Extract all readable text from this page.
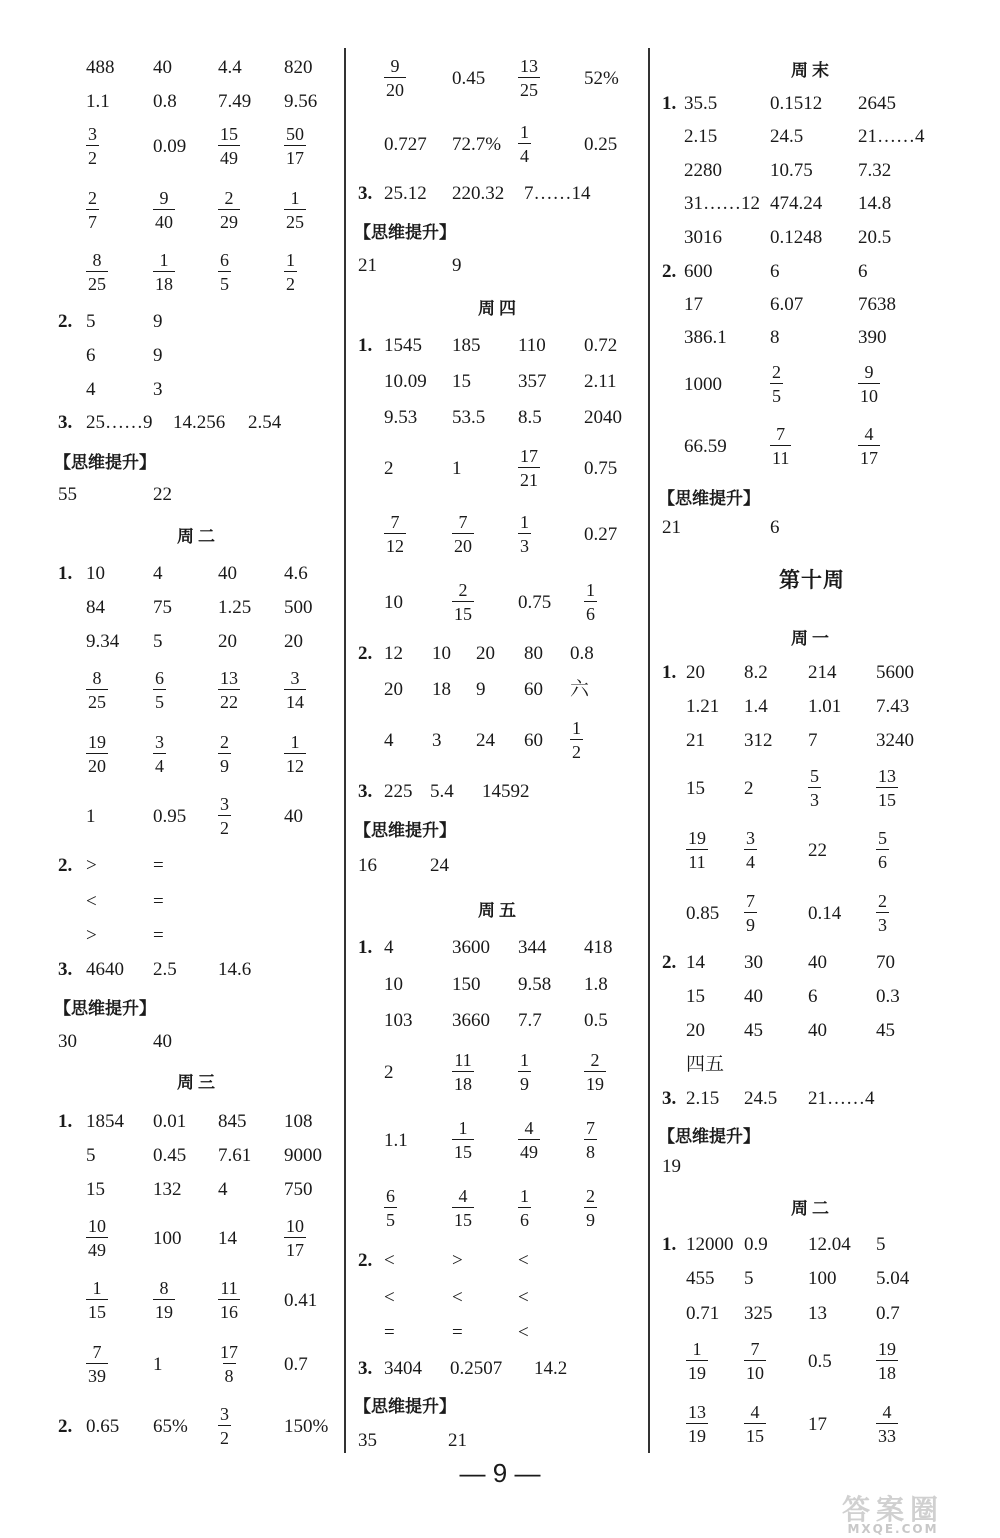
488 40 4.4 820
1.1 0.8 7.49 9.56
$\frac{3}{2}$	$0.09 \frac{15}{49} \frac{50}{17}$
$\frac{2}{7}$	$\frac{9}{40} \frac{2}{29} \frac{1}{25}$
$\frac{8}{25}$	$\frac{1}{18} \frac{6}{5}$	$\frac{1}{2}$
2. 5	9
6	9
4	3
3. 25……9 14.256 2.54
【思维提升】
55	22
周二
1. 10	4	40 4.6
84	75 1.25 500
9.34 5	20 20
$\frac{8}{25}$	$\frac{6}{5}$	$\frac{13}{22} \frac{3}{14}$
$\frac{19}{20}$	$\frac{3}{4}$	$\frac{2}{9}$	$\frac{1}{12}$
1	$0.95 \frac{3}{2}$	40
2. >	=
<	=
>	=
3. 4640 2.5 14.6
【思维提升】
30	40
周三
1. 1854 0.01 845 108
5	0.45 7.61 9000
15	132 4	750
$\frac{10}{49} 100$ 14	$\frac{10}{17}$
$\frac{1}{15}$	$\frac{8}{19} \frac{11}{16} 0.41$
$\frac{7}{39} 1$	$\frac{17}{8} 0.7$
2. 0.65 $65\% \frac{3}{2}$	150%
$\frac{9}{20} 0.45 \frac{13}{25} 52\%$
0.727 $72.7\% \frac{1}{4}$	0.25
3. 25.12 220.32 7……14
【思维提升】
21	9
周四
1. 1545 185 110 0.72
10.09 15 357 2.11
9.53 53.5 8.5 2040
2	1	$\frac{17}{21} 0.75$
$\frac{7}{12}$	$\frac{7}{20} \frac{1}{3}$	0.27
10	$\frac{2}{15} 0.75 \frac{1}{6}$
2. 12 10 20 80 0.8
20 18 9 60 六
4 3 24 $60 \frac{1}{2}$
3. 225 5.4 14592
【思维提升】
16	24
周五
1. 4	3600 344 418
10	150 9.58 1.8
103 3660 7.7 0.5
2	$\frac{11}{18} \frac{1}{9}$	$\frac{2}{19}$
$1.1 \frac{1}{15} \frac{4}{49} \frac{7}{8}$
$\frac{6}{5}$	$\frac{4}{15} \frac{1}{6}$	$\frac{2}{9}$
2. <	>	<
<	<	<
=	=	<
3. 3404 0.2507 14.2
【思维提升】
35	21
周末
1. 35.5	0.1512 2645
2.15	24.5	21……4
2280	10.75 7.32
31……12 474.24 14.8
3016	0.1248 20.5
2. 600	6	6
17	6.07	7638
386.1 8	390
1000	$\frac{2}{5}$	$\frac{9}{10}$
$66.59 \frac{7}{11}$	$\frac{4}{17}$
【思维提升】
21	6
第十周
周一
1. 20 8.2 214 5600
1.21 1.4 1.01 7.43
21 312 7	3240
15 2	$\frac{5}{3}$	$\frac{13}{15}$
$\frac{19}{11} \frac{3}{4}$	22	$\frac{5}{6}$
$0.85 \frac{7}{9}$	$0.14 \frac{2}{3}$
2. 14 30 40	70
15 40 6	0.3
20 45 40	45
四五
3. 2.15 24.5 21……4
【思维提升】
19
周二
1. 12000 0.9 12.04 5
455 5	100 5.04
0.71 325 13	0.7
$\frac{1}{19} \frac{7}{10} 0.5 \frac{19}{18}$
$\frac{13}{19} \frac{4}{15} 17$	$\frac{4}{33}$
— 9 —
答案圈
MXQE.COM
